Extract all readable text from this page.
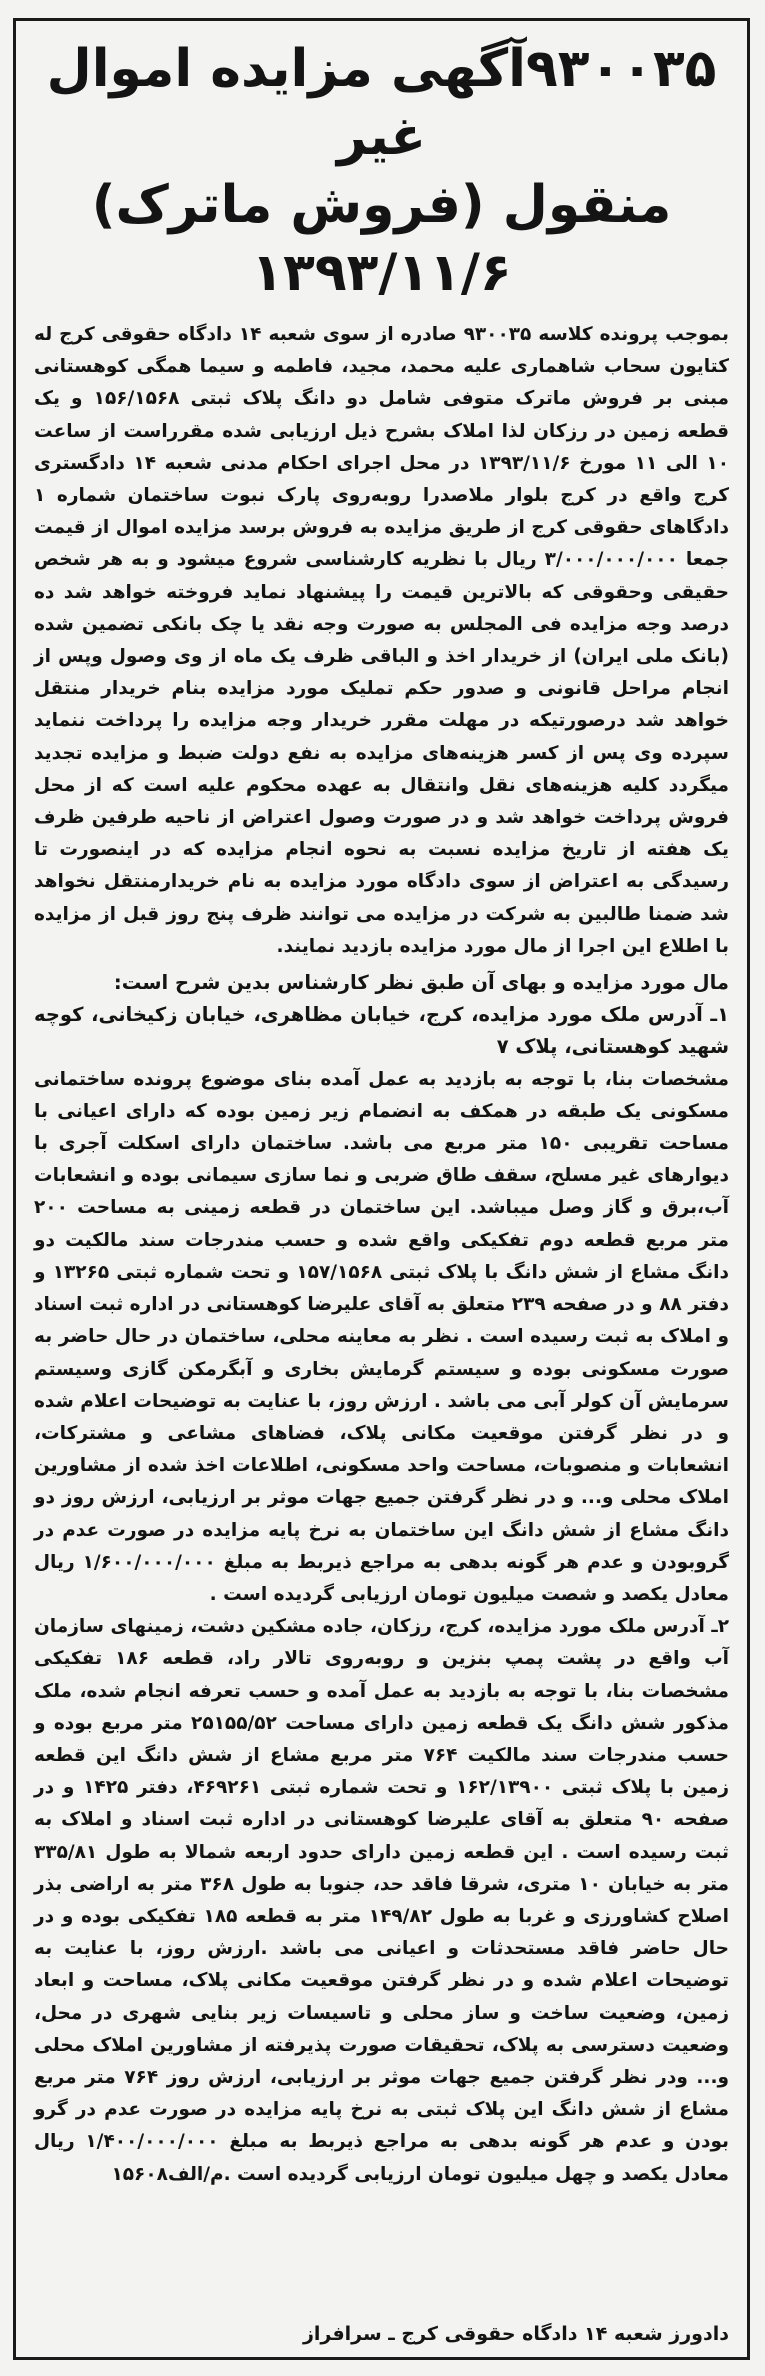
۹۳۰۰۳۵آگهی مزایده اموال غیر
منقول (فروش ماترک) ۱۳۹۳/۱۱/۶

بموجب پرونده کلاسه ۹۳۰۰۳۵ صادره از سوی شعبه ۱۴ دادگاه حقوقی کرج له کتایون سحاب شاهماری علیه محمد، مجید، فاطمه و سیما همگی کوهستانی مبنی بر فروش ماترک متوفی شامل دو دانگ پلاک ثبتی ۱۵۶/۱۵۶۸ و یک قطعه زمین در رزکان لذا املاک بشرح ذیل ارزیابی شده مقرراست از ساعت ۱۰ الی ۱۱ مورخ ۱۳۹۳/۱۱/۶ در محل اجرای احکام مدنی شعبه ۱۴ دادگستری کرج واقع در کرج بلوار ملاصدرا روبه‌روی پارک نبوت ساختمان شماره ۱ دادگاهای حقوقی کرج از طریق مزایده به فروش برسد مزایده اموال از قیمت جمعا ۳/۰۰۰/۰۰۰/۰۰۰ ریال با نظریه کارشناسی شروع میشود و به هر شخص حقیقی وحقوقی که بالاترین قیمت را پیشنهاد نماید فروخته خواهد شد ده درصد وجه مزایده فی المجلس به صورت وجه نقد یا چک بانکی تضمین شده (بانک ملی ایران) از خریدار اخذ و الباقی ظرف یک ماه از وی وصول وپس از انجام مراحل قانونی و صدور حکم تملیک مورد مزایده بنام خریدار منتقل خواهد شد درصورتیکه در مهلت مقرر خریدار وجه مزایده را پرداخت ننماید سپرده وی پس از کسر هزینه‌های مزایده به نفع دولت ضبط و مزایده تجدید میگردد کلیه هزینه‌های نقل وانتقال به عهده محکوم علیه است که از محل فروش پرداخت خواهد شد و در صورت وصول اعتراض از ناحیه طرفین ظرف یک هفته از تاریخ مزایده نسبت به نحوه انجام مزایده که در اینصورت تا رسیدگی به اعتراض از سوی دادگاه مورد مزایده به نام خریدارمنتقل نخواهد شد ضمنا طالبین به شرکت در مزایده می توانند ظرف پنج روز قبل از مزایده با اطلاع این اجرا از مال مورد مزایده بازدید نمایند.

مال مورد مزایده و بهای آن طبق نظر کارشناس بدین شرح است:

۱ـ آدرس ملک مورد مزایده، کرج، خیابان مظاهری، خیابان زکیخانی، کوچه شهید کوهستانی، پلاک ۷

مشخصات بنا، با توجه به بازدید به عمل آمده بنای موضوع پرونده ساختمانی مسکونی یک طبقه در همکف به انضمام زیر زمین بوده که دارای اعیانی با مساحت تقریبی ۱۵۰ متر مربع می باشد. ساختمان دارای اسکلت آجری با دیوارهای غیر مسلح، سقف طاق ضربی و نما سازی سیمانی بوده و انشعابات آب،برق و گاز وصل میباشد. این ساختمان در قطعه زمینی به مساحت ۲۰۰ متر مربع قطعه دوم تفکیکی واقع شده و حسب مندرجات سند مالکیت دو دانگ مشاع از شش دانگ با پلاک ثبتی ۱۵۷/۱۵۶۸ و تحت شماره ثبتی ۱۳۲۶۵ و دفتر ۸۸ و در صفحه ۲۳۹ متعلق به آقای علیرضا کوهستانی در اداره ثبت اسناد و املاک به ثبت رسیده است . نظر به معاینه محلی، ساختمان در حال حاضر به صورت مسکونی بوده و سیستم گرمایش بخاری و آبگرمکن گازی وسیستم سرمایش آن کولر آبی می باشد . ارزش روز، با عنایت به توضیحات اعلام شده و در نظر گرفتن موقعیت مکانی پلاک، فضاهای مشاعی و مشترکات، انشعابات و منصوبات، مساحت واحد مسکونی، اطلاعات اخذ شده از مشاورین املاک محلی و... و در نظر گرفتن جمیع جهات موثر بر ارزیابی، ارزش روز دو دانگ مشاع از شش دانگ این ساختمان به نرخ پایه مزایده در صورت عدم در گروبودن و عدم هر گونه بدهی به مراجع ذیربط به مبلغ ۱/۶۰۰/۰۰۰/۰۰۰ ریال معادل یکصد و شصت میلیون تومان ارزیابی گردیده است .

۲ـ آدرس ملک مورد مزایده، کرج، رزکان، جاده مشکین دشت، زمینهای سازمان آب واقع در پشت پمپ بنزین و روبه‌روی تالار راد، قطعه ۱۸۶ تفکیکی مشخصات بنا، با توجه به بازدید به عمل آمده و حسب تعرفه انجام شده، ملک مذکور شش دانگ یک قطعه زمین دارای مساحت ۲۵۱۵۵/۵۲ متر مربع بوده و حسب مندرجات سند مالکیت ۷۶۴ متر مربع مشاع از شش دانگ این قطعه زمین با پلاک ثبتی ۱۶۲/۱۳۹۰۰ و تحت شماره ثبتی ۴۶۹۲۶۱، دفتر ۱۴۲۵ و در صفحه ۹۰ متعلق به آقای علیرضا کوهستانی در اداره ثبت اسناد و املاک به ثبت رسیده است . این قطعه زمین دارای حدود اربعه شمالا به طول ۳۳۵/۸۱ متر به خیابان ۱۰ متری، شرقا فاقد حد، جنوبا به طول ۳۶۸ متر به اراضی بذر اصلاح کشاورزی و غربا به طول ۱۴۹/۸۲ متر به قطعه ۱۸۵ تفکیکی بوده و در حال حاضر فاقد مستحدثات و اعیانی می باشد .ارزش روز، با عنایت به توضیحات اعلام شده و در نظر گرفتن موقعیت مکانی پلاک، مساحت و ابعاد زمین، وضعیت ساخت و ساز محلی و تاسیسات زیر بنایی شهری در محل، وضعیت دسترسی به پلاک، تحقیقات صورت پذیرفته از مشاورین املاک محلی و... ودر نظر گرفتن جمیع جهات موثر بر ارزیابی، ارزش روز ۷۶۴ متر مربع مشاع از شش دانگ این پلاک ثبتی به نرخ پایه مزایده در صورت عدم در گرو بودن و عدم هر گونه بدهی به مراجع ذیربط به مبلغ ۱/۴۰۰/۰۰۰/۰۰۰ ریال معادل یکصد و چهل میلیون تومان ارزیابی گردیده است .م/الف۱۵۶۰۸

دادورز شعبه ۱۴ دادگاه حقوقی کرج ـ سرافراز
